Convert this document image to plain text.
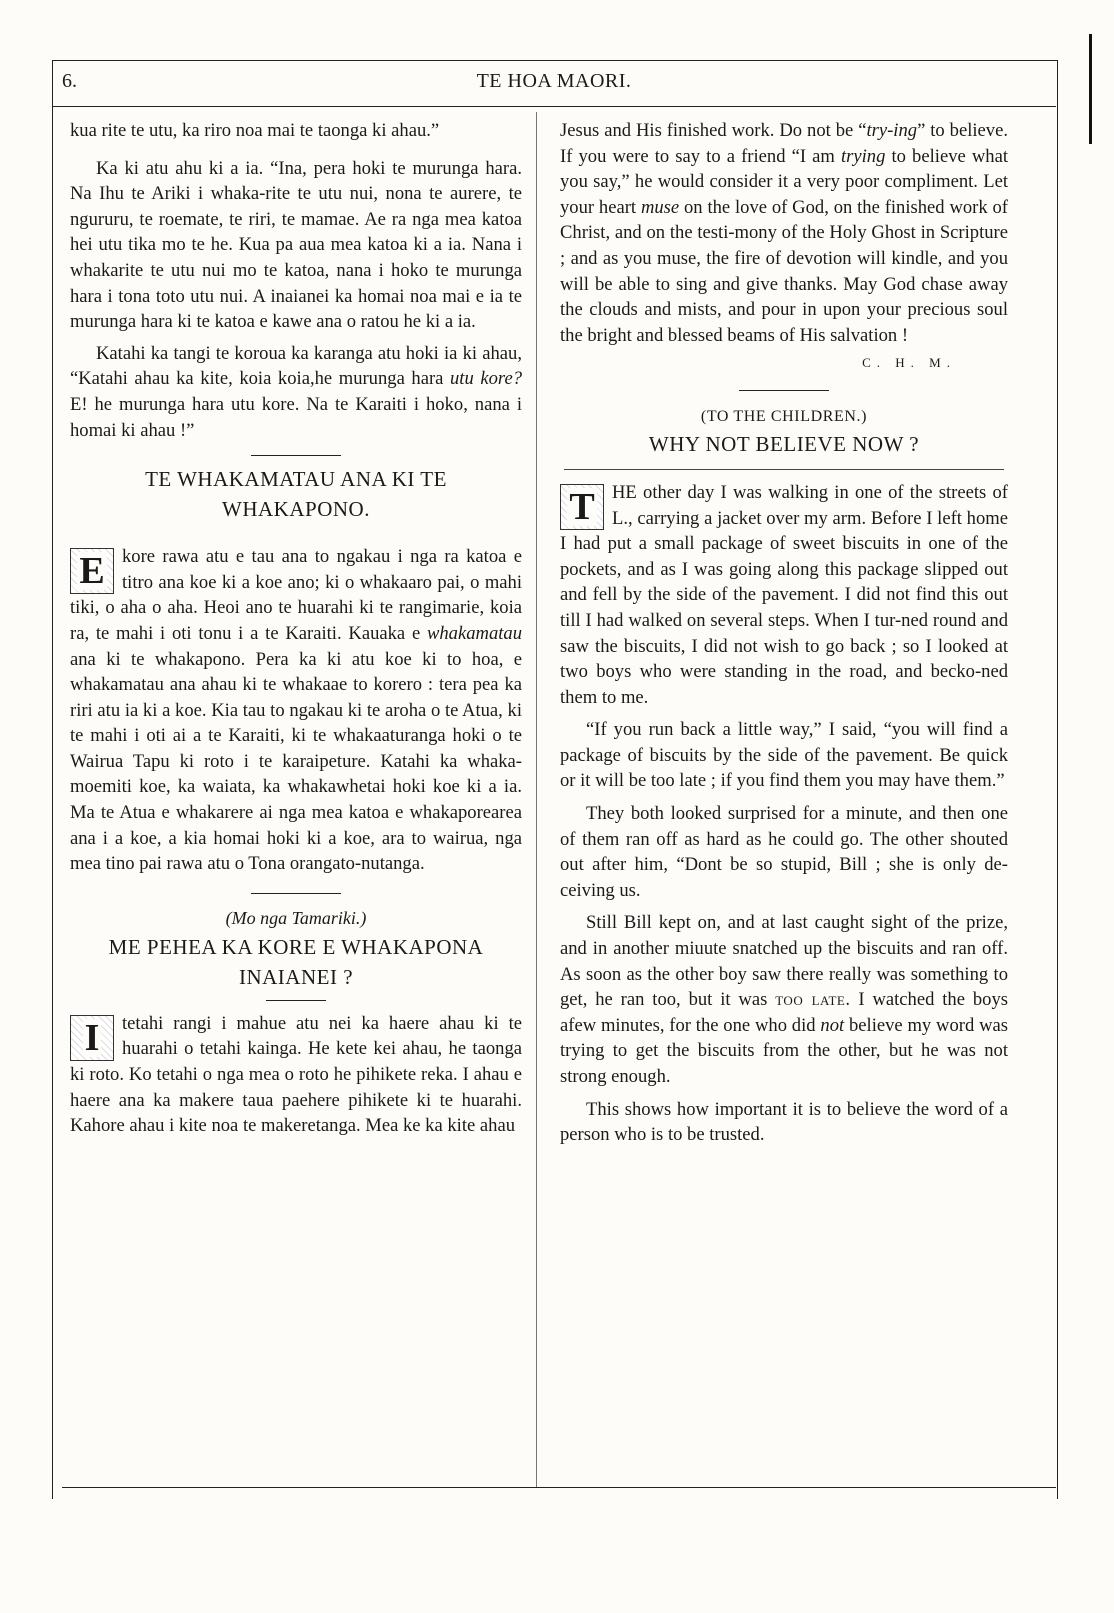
6.	TE HOA MAORI.

kua rite te utu, ka riro noa mai te taonga ki ahau.”

Ka ki atu ahu ki a ia. “Ina, pera hoki te murunga hara. Na Ihu te Ariki i whaka-rite te utu nui, nona te aurere, te ngururu, te roemate, te riri, te mamae. Ae ra nga mea katoa hei utu tika mo te he. Kua pa aua mea katoa ki a ia. Nana i whakarite te utu nui mo te katoa, nana i hoko te murunga hara i tona toto utu nui. A inaianei ka homai noa mai e ia te murunga hara ki te katoa e kawe ana o ratou he ki a ia.

Katahi ka tangi te koroua ka karanga atu hoki ia ki ahau, “Katahi ahau ka kite, koia koia,he murunga hara utu kore? E! he murunga hara utu kore. Na te Karaiti i hoko, nana i homai ki ahau !”

TE WHAKAMATAU ANA KI TE WHAKAPONO.
E kore rawa atu e tau ana to ngakau i nga ra katoa e titro ana koe ki a koe ano; ki o whakaaro pai, o mahi tiki, o aha o aha. Heoi ano te huarahi ki te rangimarie, koia ra, te mahi i oti tonu i a te Karaiti. Kauaka e whakamatau ana ki te whakapono. Pera ka ki atu koe ki to hoa, e whakamatau ana ahau ki te whakaae to korero : tera pea ka riri atu ia ki a koe. Kia tau to ngakau ki te aroha o te Atua, ki te mahi i oti ai a te Karaiti, ki te whakaaturanga hoki o te Wairua Tapu ki roto i te karaipeture. Katahi ka whaka-moemiti koe, ka waiata, ka whakawhetai hoki koe ki a ia. Ma te Atua e whakarere ai nga mea katoa e whakaporearea ana i a koe, a kia homai hoki ki a koe, ara to wairua, nga mea tino pai rawa atu o Tona orangato-nutanga.

(Mo nga Tamariki.)
ME PEHEA KA KORE E WHAKAPONA INAIANEI ?
I	tetahi rangi i mahue atu nei ka haere ahau ki te huarahi o tetahi kainga. He kete kei ahau, he taonga ki roto. Ko tetahi o nga mea o roto he pihikete reka. I ahau e haere ana ka makere taua paehere pihikete ki te huarahi. Kahore ahau i kite noa te makeretanga. Mea ke ka kite ahau

Jesus and His finished work. Do not be “try-ing” to believe. If you were to say to a friend “I am trying to believe what you say,” he would consider it a very poor compliment. Let your heart muse on the love of God, on the finished work of Christ, and on the testi-mony of the Holy Ghost in Scripture ; and as you muse, the fire of devotion will kindle, and you will be able to sing and give thanks. May God chase away the clouds and mists, and pour in upon your precious soul the bright and blessed beams of His salvation !

C. H. M.
(TO THE CHILDREN.)
WHY NOT BELIEVE NOW ?
T HE other day I was walking in one of the streets of L., carrying a jacket over my arm. Before I left home I had put a small package of sweet biscuits in one of the pockets, and as I was going along this package slipped out and fell by the side of the pavement. I did not find this out till I had walked on several steps. When I tur-ned round and saw the biscuits, I did not wish to go back ; so I looked at two boys who were standing in the road, and becko-ned them to me.

“If you run back a little way,” I said, “you will find a package of biscuits by the side of the pavement. Be quick or it will be too late ; if you find them you may have them.”

They both looked surprised for a minute, and then one of them ran off as hard as he could go. The other shouted out after him, “Dont be so stupid, Bill ; she is only de-ceiving us.

Still Bill kept on, and at last caught sight of the prize, and in another miuute snatched up the biscuits and ran off. As soon as the other boy saw there really was something to get, he ran too, but it was too late. I watched the boys afew minutes, for the one who did not believe my word was trying to get the biscuits from the other, but he was not strong enough.

This shows how important it is to believe the word of a person who is to be trusted.
